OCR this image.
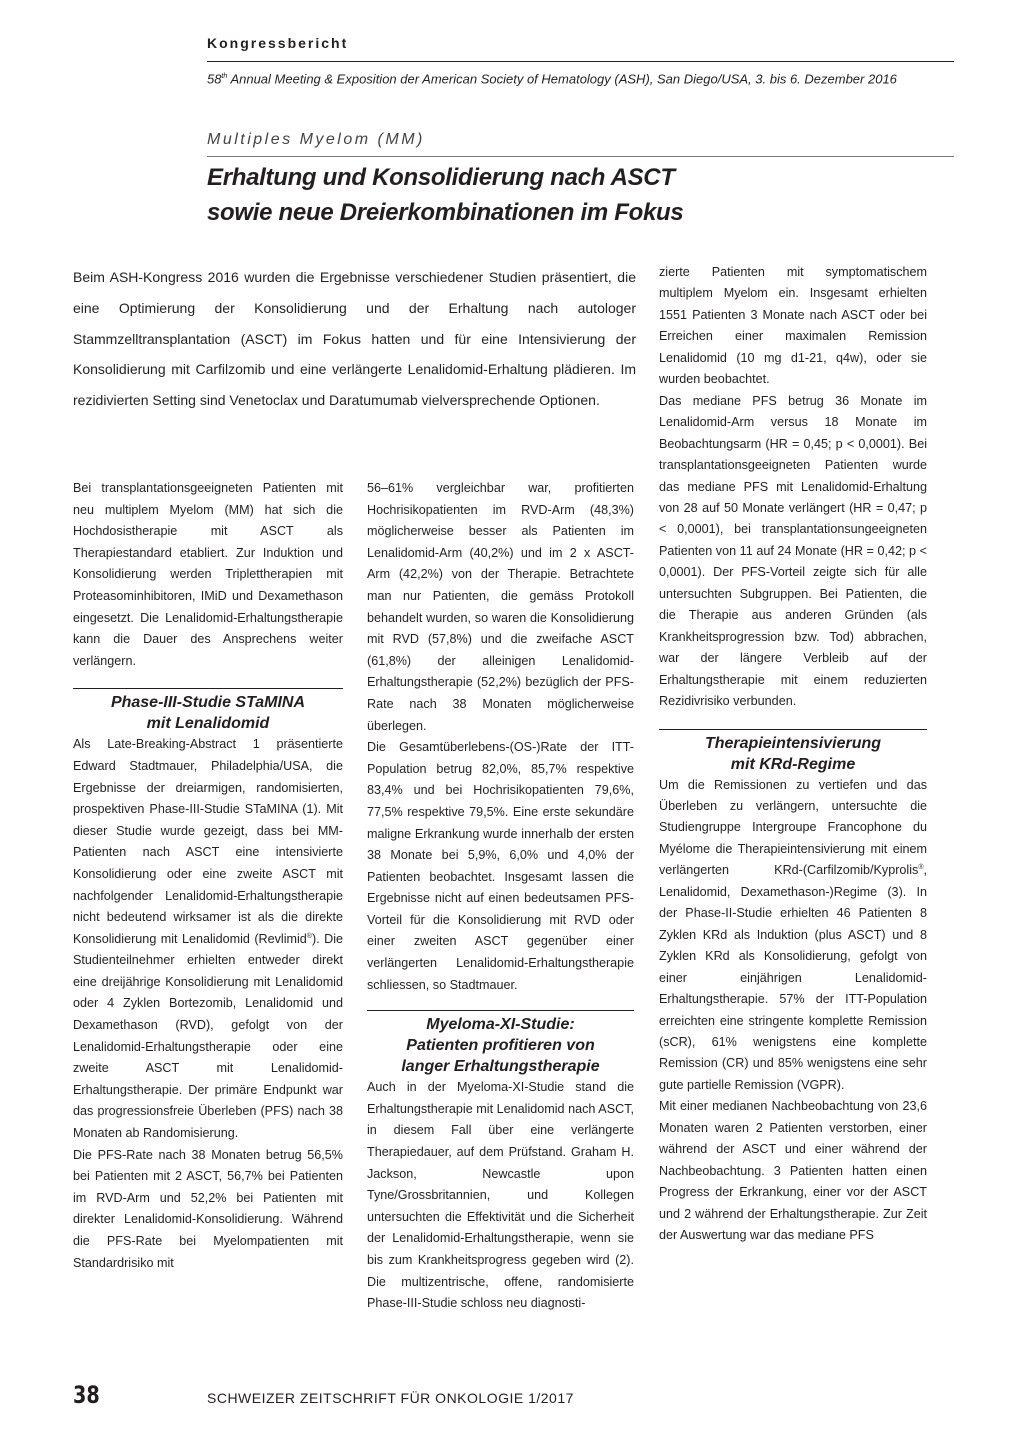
Kongressbericht
58th Annual Meeting & Exposition der American Society of Hematology (ASH), San Diego/USA, 3. bis 6. Dezember 2016
Multiples Myelom (MM)
Erhaltung und Konsolidierung nach ASCT
sowie neue Dreierkombinationen im Fokus
Beim ASH-Kongress 2016 wurden die Ergebnisse verschiedener Studien präsentiert, die eine Optimierung der Konsolidierung und der Erhaltung nach autologer Stammzelltransplantation (ASCT) im Fokus hatten und für eine Intensivierung der Konsolidierung mit Carfilzomib und eine verlängerte Lenalidomid-Erhaltung plädieren. Im rezidivierten Setting sind Venetoclax und Daratumumab vielversprechende Optionen.

Bei transplantationsgeeigneten Patienten mit neu multiplem Myelom (MM) hat sich die Hochdosistherapie mit ASCT als Therapiestandard etabliert. Zur Induktion und Konsolidierung werden Triplettherapien mit Proteasominhibitoren, IMiD und Dexamethason eingesetzt. Die Lenalidomid-Erhaltungstherapie kann die Dauer des Ansprechens weiter verlängern.

Phase-III-Studie STaMINA
mit Lenalidomid

Als Late-Breaking-Abstract 1 präsentierte Edward Stadtmauer, Philadelphia/USA, die Ergebnisse der dreiarmigen, randomisierten, prospektiven Phase-III-Studie STaMINA (1). Mit dieser Studie wurde gezeigt, dass bei MM-Patienten nach ASCT eine intensivierte Konsolidierung oder eine zweite ASCT mit nachfolgender Lenalidomid-Erhaltungstherapie nicht bedeutend wirksamer ist als die direkte Konsolidierung mit Lenalidomid (Revlimid®). Die Studienteilnehmer erhielten entweder direkt eine dreijährige Konsolidierung mit Lenalidomid oder 4 Zyklen Bortezomib, Lenalidomid und Dexamethason (RVD), gefolgt von der Lenalidomid-Erhaltungstherapie oder eine zweite ASCT mit Lenalidomid-Erhaltungstherapie. Der primäre Endpunkt war das progressionsfreie Überleben (PFS) nach 38 Monaten ab Randomisierung.

Die PFS-Rate nach 38 Monaten betrug 56,5% bei Patienten mit 2 ASCT, 56,7% bei Patienten im RVD-Arm und 52,2% bei Patienten mit direkter Lenalidomid-Konsolidierung. Während die PFS-Rate bei Myelompatienten mit Standardrisiko mit

56–61% vergleichbar war, profitierten Hochrisikopatienten im RVD-Arm (48,3%) möglicherweise besser als Patienten im Lenalidomid-Arm (40,2%) und im 2 x ASCT-Arm (42,2%) von der Therapie. Betrachtete man nur Patienten, die gemäss Protokoll behandelt wurden, so waren die Konsolidierung mit RVD (57,8%) und die zweifache ASCT (61,8%) der alleinigen Lenalidomid-Erhaltungstherapie (52,2%) bezüglich der PFS-Rate nach 38 Monaten möglicherweise überlegen.

Die Gesamtüberlebens-(OS-)Rate der ITT-Population betrug 82,0%, 85,7% respektive 83,4% und bei Hochrisikopatienten 79,6%, 77,5% respektive 79,5%. Eine erste sekundäre maligne Erkrankung wurde innerhalb der ersten 38 Monate bei 5,9%, 6,0% und 4,0% der Patienten beobachtet. Insgesamt lassen die Ergebnisse nicht auf einen bedeutsamen PFS-Vorteil für die Konsolidierung mit RVD oder einer zweiten ASCT gegenüber einer verlängerten Lenalidomid-Erhaltungstherapie schliessen, so Stadtmauer.

Myeloma-XI-Studie:
Patienten profitieren von
langer Erhaltungstherapie

Auch in der Myeloma-XI-Studie stand die Erhaltungstherapie mit Lenalidomid nach ASCT, in diesem Fall über eine verlängerte Therapiedauer, auf dem Prüfstand. Graham H. Jackson, Newcastle upon Tyne/Grossbritannien, und Kollegen untersuchten die Effektivität und die Sicherheit der Lenalidomid-Erhaltungstherapie, wenn sie bis zum Krankheitsprogress gegeben wird (2). Die multizentrische, offene, randomisierte Phase-III-Studie schloss neu diagnosti-

zierte Patienten mit symptomatischem multiplem Myelom ein. Insgesamt erhielten 1551 Patienten 3 Monate nach ASCT oder bei Erreichen einer maximalen Remission Lenalidomid (10 mg d1-21, q4w), oder sie wurden beobachtet.

Das mediane PFS betrug 36 Monate im Lenalidomid-Arm versus 18 Monate im Beobachtungsarm (HR = 0,45; p < 0,0001). Bei transplantationsgeeigneten Patienten wurde das mediane PFS mit Lenalidomid-Erhaltung von 28 auf 50 Monate verlängert (HR = 0,47; p < 0,0001), bei transplantationsungeeigneten Patienten von 11 auf 24 Monate (HR = 0,42; p < 0,0001). Der PFS-Vorteil zeigte sich für alle untersuchten Subgruppen. Bei Patienten, die die Therapie aus anderen Gründen (als Krankheitsprogression bzw. Tod) abbrachen, war der längere Verbleib auf der Erhaltungstherapie mit einem reduzierten Rezidivrisiko verbunden.

Therapieintensivierung
mit KRd-Regime

Um die Remissionen zu vertiefen und das Überleben zu verlängern, untersuchte die Studiengruppe Intergroupe Francophone du Myélome die Therapieintensivierung mit einem verlängerten KRd-(Carfilzomib/Kyprolis®, Lenalidomid, Dexamethason-)Regime (3). In der Phase-II-Studie erhielten 46 Patienten 8 Zyklen KRd als Induktion (plus ASCT) und 8 Zyklen KRd als Konsolidierung, gefolgt von einer einjährigen Lenalidomid-Erhaltungstherapie. 57% der ITT-Population erreichten eine stringente komplette Remission (sCR), 61% wenigstens eine komplette Remission (CR) und 85% wenigstens eine sehr gute partielle Remission (VGPR).

Mit einer medianen Nachbeobachtung von 23,6 Monaten waren 2 Patienten verstorben, einer während der ASCT und einer während der Nachbeobachtung. 3 Patienten hatten einen Progress der Erkrankung, einer vor der ASCT und 2 während der Erhaltungstherapie. Zur Zeit der Auswertung war das mediane PFS

38	SCHWEIZER ZEITSCHRIFT FÜR ONKOLOGIE 1/2017
